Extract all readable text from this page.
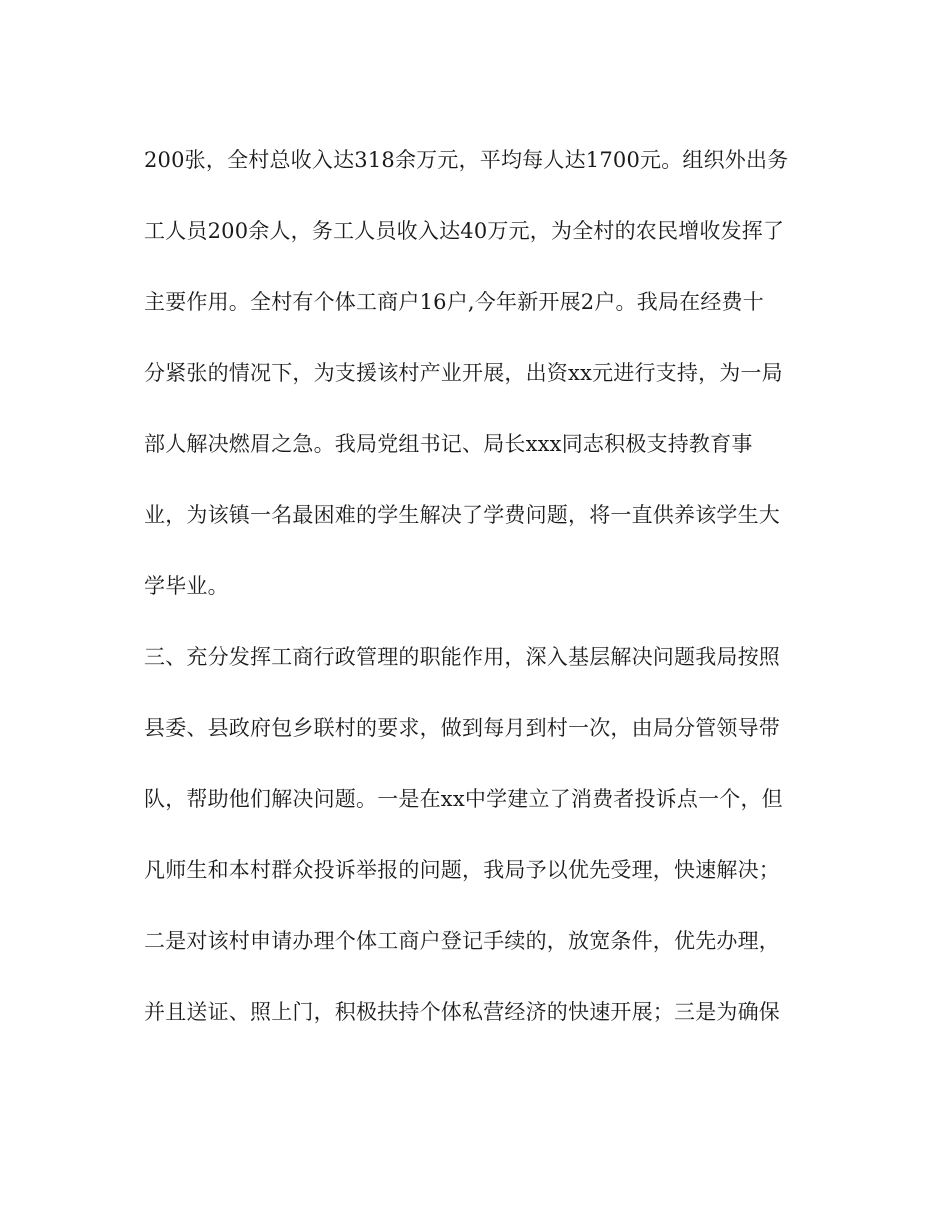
200张，全村总收入达318余万元，平均每人达1700元。组织外出务
工人员200余人，务工人员收入达40万元，为全村的农民增收发挥了
主要作用。全村有个体工商户16户,今年新开展2户。我局在经费十
分紧张的情况下，为支援该村产业开展，出资xx元进行支持，为一局
部人解决燃眉之急。我局党组书记、局长xxx同志积极支持教育事
业，为该镇一名最困难的学生解决了学费问题，将一直供养该学生大
学毕业。
三、充分发挥工商行政管理的职能作用，深入基层解决问题我局按照
县委、县政府包乡联村的要求，做到每月到村一次，由局分管领导带
队，帮助他们解决问题。一是在xx中学建立了消费者投诉点一个，但
凡师生和本村群众投诉举报的问题，我局予以优先受理，快速解决；
二是对该村申请办理个体工商户登记手续的，放宽条件，优先办理，
并且送证、照上门，积极扶持个体私营经济的快速开展；三是为确保
